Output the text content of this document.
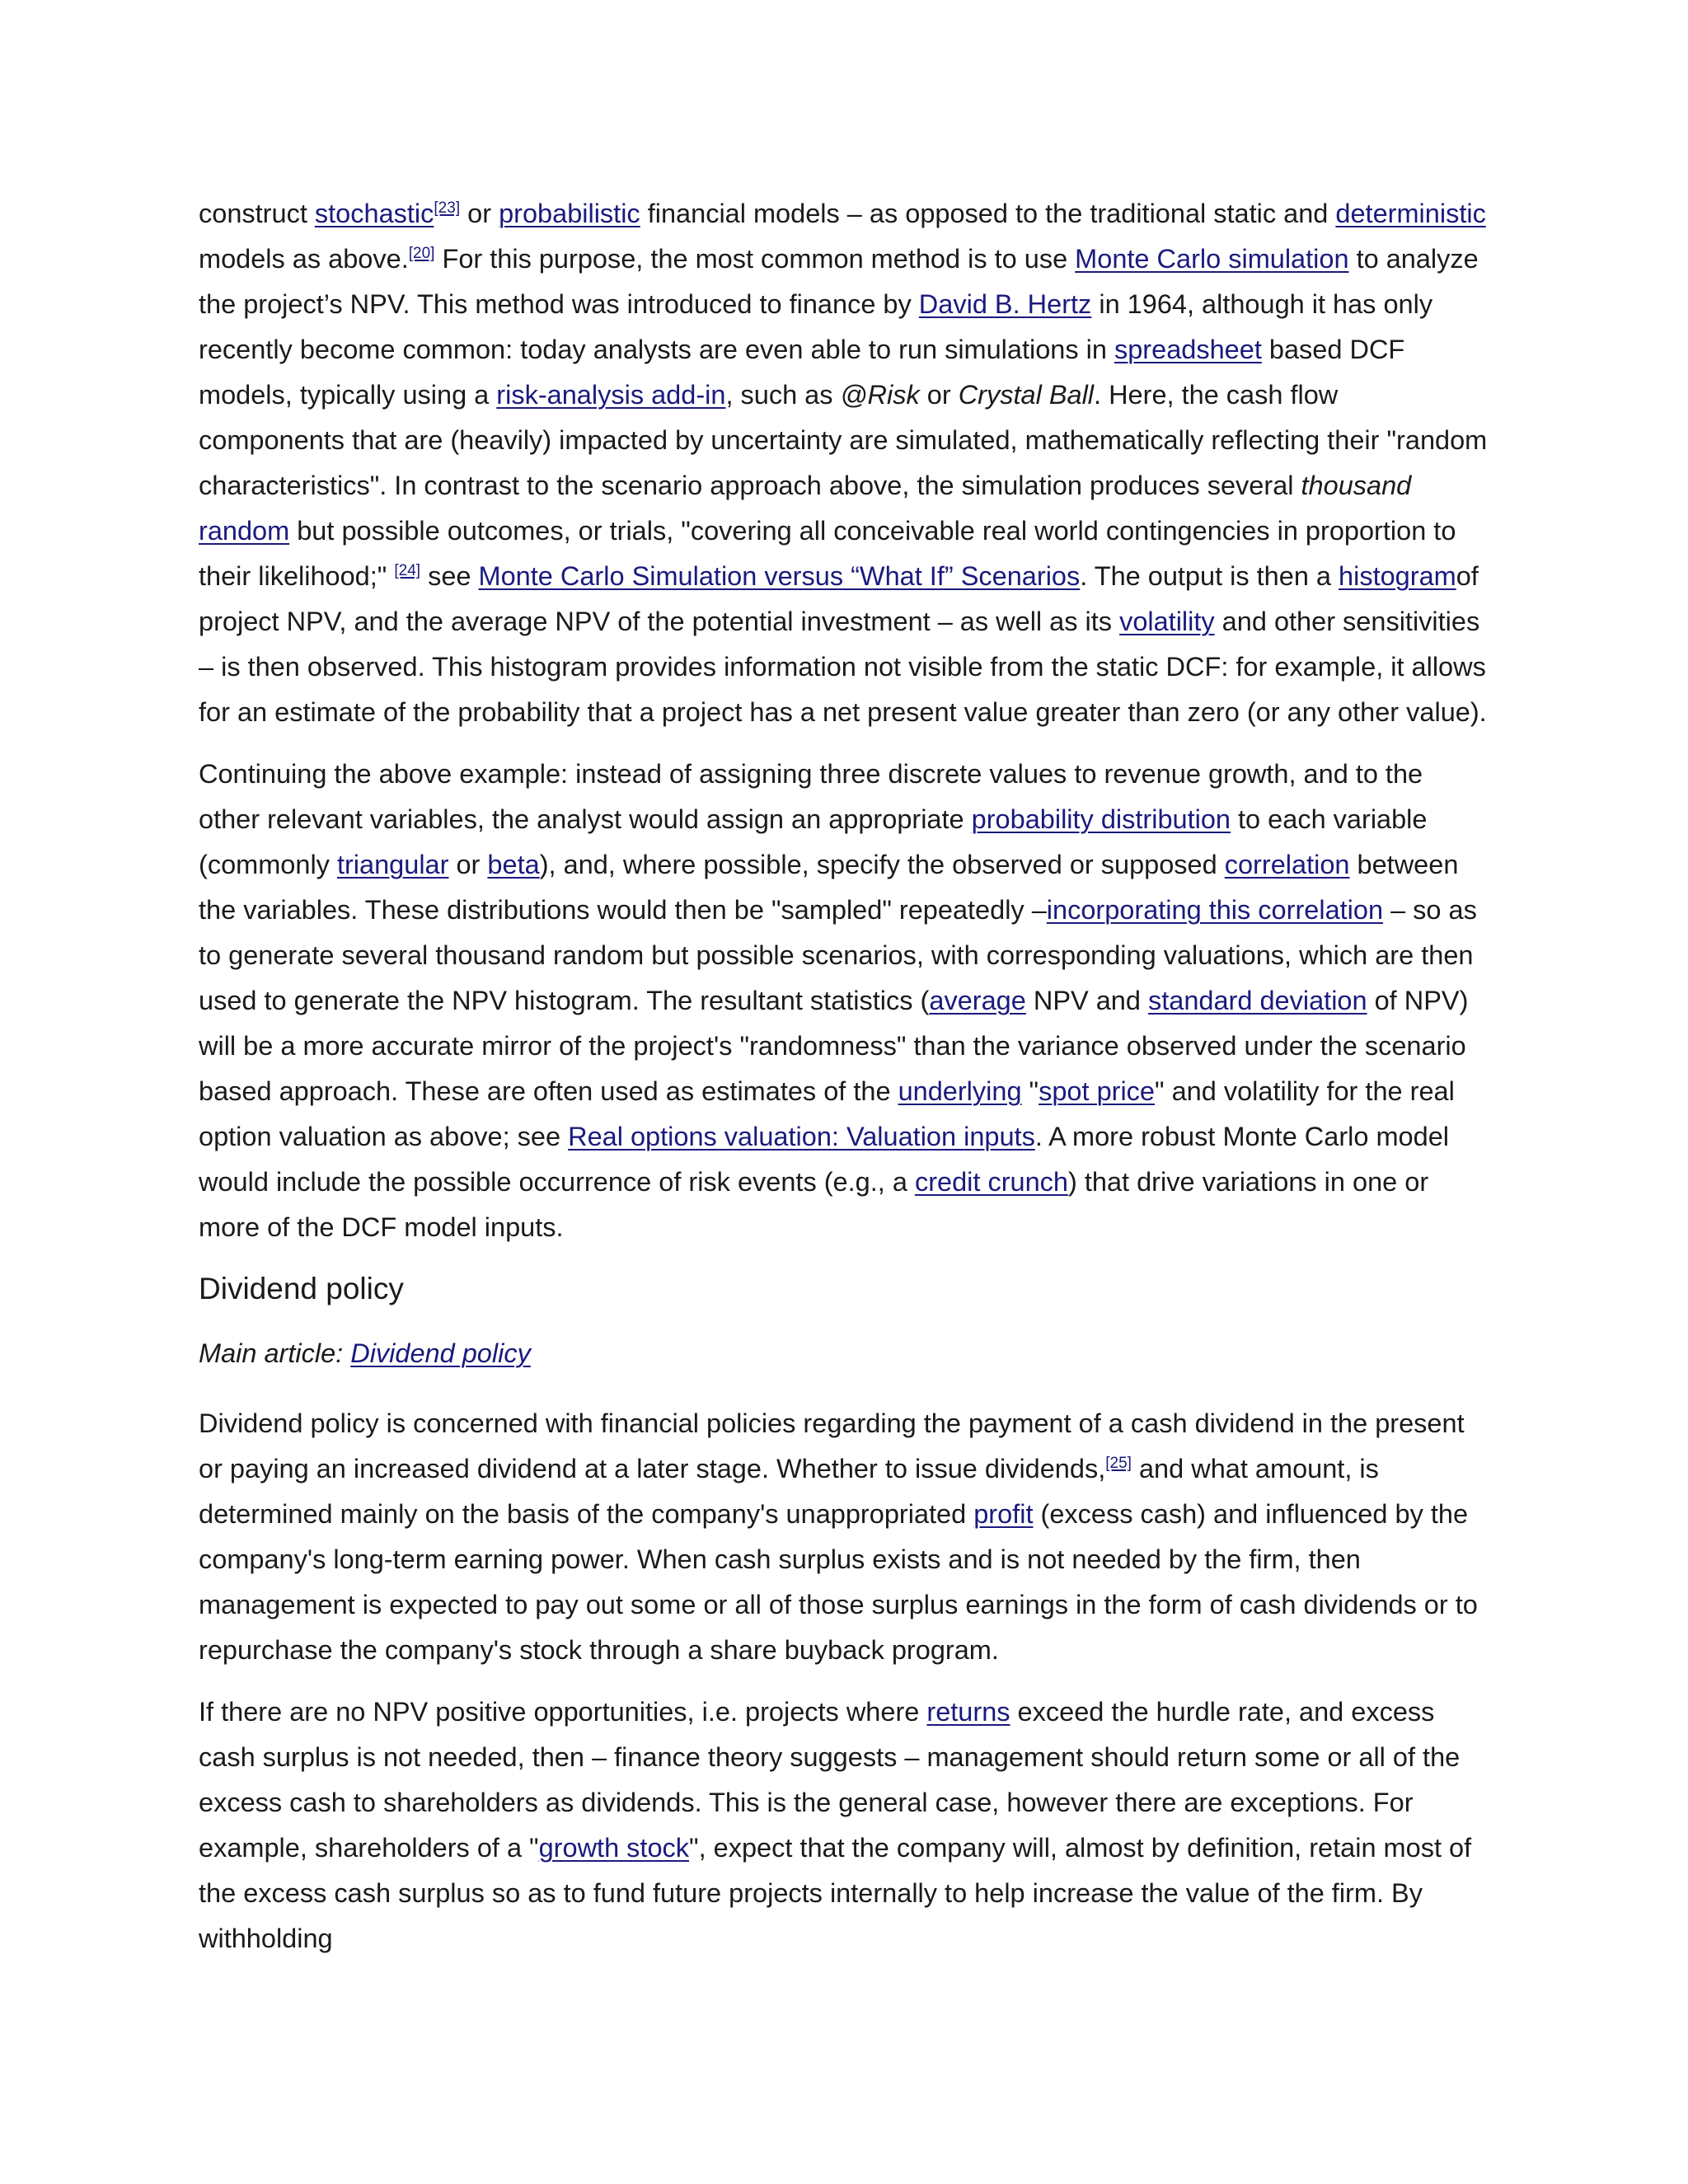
construct stochastic[23] or probabilistic financial models – as opposed to the traditional static and deterministic models as above.[20] For this purpose, the most common method is to use Monte Carlo simulation to analyze the project’s NPV. This method was introduced to finance by David B. Hertz in 1964, although it has only recently become common: today analysts are even able to run simulations in spreadsheet based DCF models, typically using a risk-analysis add-in, such as @Risk or Crystal Ball. Here, the cash flow components that are (heavily) impacted by uncertainty are simulated, mathematically reflecting their "random characteristics". In contrast to the scenario approach above, the simulation produces several thousand random but possible outcomes, or trials, "covering all conceivable real world contingencies in proportion to their likelihood;" [24] see Monte Carlo Simulation versus “What If” Scenarios. The output is then a histogramof project NPV, and the average NPV of the potential investment – as well as its volatility and other sensitivities – is then observed. This histogram provides information not visible from the static DCF: for example, it allows for an estimate of the probability that a project has a net present value greater than zero (or any other value).

Continuing the above example: instead of assigning three discrete values to revenue growth, and to the other relevant variables, the analyst would assign an appropriate probability distribution to each variable (commonly triangular or beta), and, where possible, specify the observed or supposed correlation between the variables. These distributions would then be "sampled" repeatedly –incorporating this correlation – so as to generate several thousand random but possible scenarios, with corresponding valuations, which are then used to generate the NPV histogram. The resultant statistics (average NPV and standard deviation of NPV) will be a more accurate mirror of the project's "randomness" than the variance observed under the scenario based approach. These are often used as estimates of the underlying "spot price" and volatility for the real option valuation as above; see Real options valuation: Valuation inputs. A more robust Monte Carlo model would include the possible occurrence of risk events (e.g., a credit crunch) that drive variations in one or more of the DCF model inputs.

Dividend policy

Main article: Dividend policy

Dividend policy is concerned with financial policies regarding the payment of a cash dividend in the present or paying an increased dividend at a later stage. Whether to issue dividends,[25] and what amount, is determined mainly on the basis of the company's unappropriated profit (excess cash) and influenced by the company's long-term earning power. When cash surplus exists and is not needed by the firm, then management is expected to pay out some or all of those surplus earnings in the form of cash dividends or to repurchase the company's stock through a share buyback program.

If there are no NPV positive opportunities, i.e. projects where returns exceed the hurdle rate, and excess cash surplus is not needed, then – finance theory suggests – management should return some or all of the excess cash to shareholders as dividends. This is the general case, however there are exceptions. For example, shareholders of a "growth stock", expect that the company will, almost by definition, retain most of the excess cash surplus so as to fund future projects internally to help increase the value of the firm. By withholding
